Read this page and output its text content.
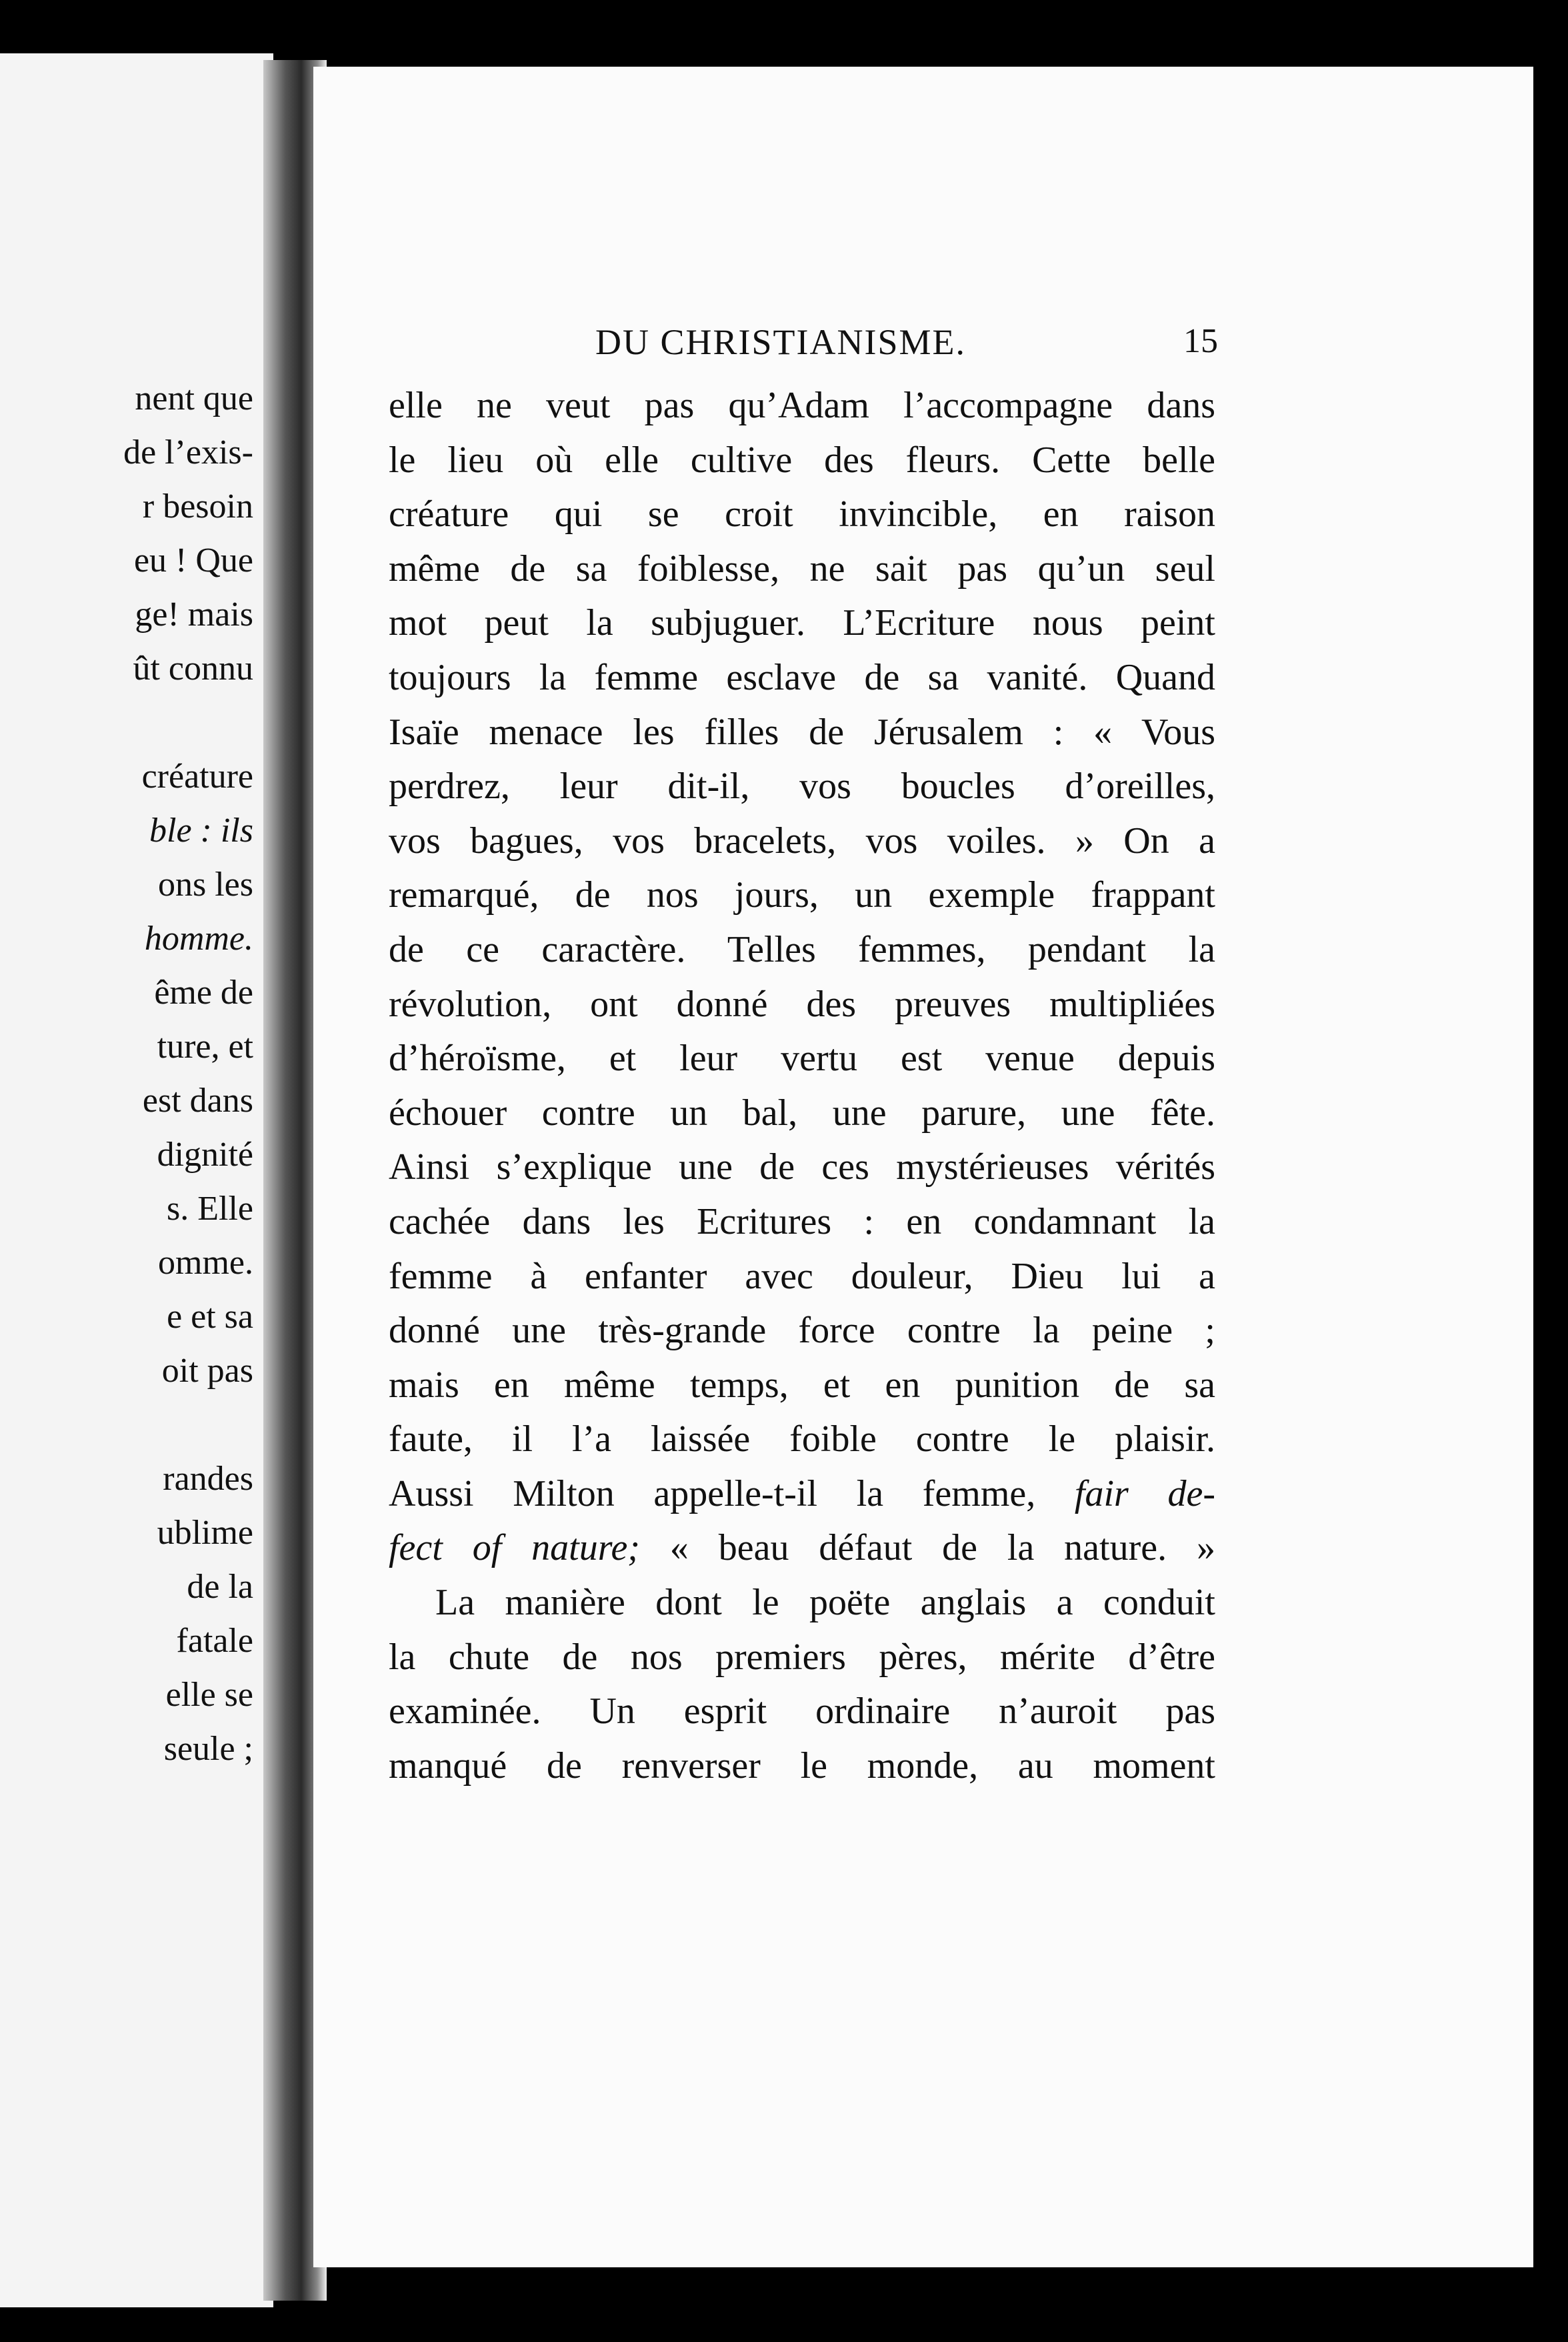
nent que
de l’exis-
r besoin
eu ! Que
ge! mais
ût connu
créature
ble : ils
ons les
homme.
ême de
ture, et
est dans
dignité
s. Elle
omme.
e et sa
oit pas
randes
ublime
de la
fatale
elle se
seule ;
DU CHRISTIANISME.	15
elle ne veut pas qu’Adam l’accompagne dans
le lieu où elle cultive des fleurs. Cette belle
créature qui se croit invincible, en raison
même de sa foiblesse, ne sait pas qu’un seul
mot peut la subjuguer. L’Ecriture nous peint
toujours la femme esclave de sa vanité. Quand
Isaïe menace les filles de Jérusalem : « Vous
perdrez, leur dit-il, vos boucles d’oreilles,
vos bagues, vos bracelets, vos voiles. » On a
remarqué, de nos jours, un exemple frappant
de ce caractère. Telles femmes, pendant la
révolution, ont donné des preuves multipliées
d’héroïsme, et leur vertu est venue depuis
échouer contre un bal, une parure, une fête.
Ainsi s’explique une de ces mystérieuses vérités
cachée dans les Ecritures : en condamnant la
femme à enfanter avec douleur, Dieu lui a
donné une très-grande force contre la peine ;
mais en même temps, et en punition de sa
faute, il l’a laissée foible contre le plaisir.
Aussi Milton appelle-t-il la femme, fair de-
fect of nature; « beau défaut de la nature. »
La manière dont le poëte anglais a conduit
la chute de nos premiers pères, mérite d’être
examinée. Un esprit ordinaire n’auroit pas
manqué de renverser le monde, au moment
